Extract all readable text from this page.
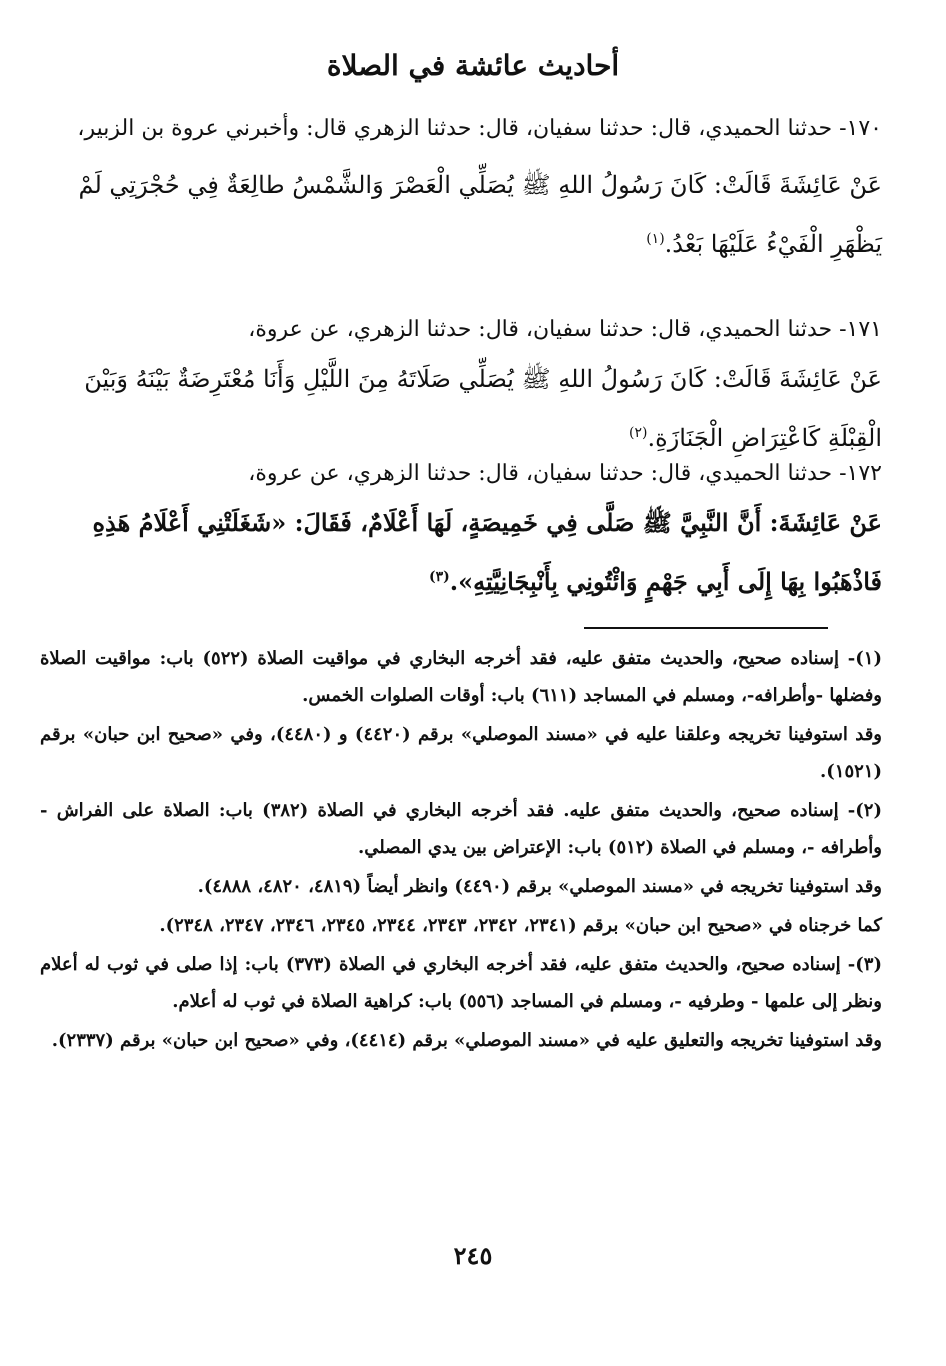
أحاديث عائشة في الصلاة

١٧٠- حدثنا الحميدي، قال: حدثنا سفيان، قال: حدثنا الزهري قال: وأخبرني عروة بن الزبير،

عَنْ عَائِشَةَ قَالَتْ: كَانَ رَسُولُ اللهِ ﷺ يُصَلِّي الْعَصْرَ وَالشَّمْسُ طالِعَةٌ فِي حُجْرَتِي لَمْ يَظْهَرِ الْفَيْءُ عَلَيْهَا بَعْدُ.$^{(١)}$

١٧١- حدثنا الحميدي، قال: حدثنا سفيان، قال: حدثنا الزهري، عن عروة،

عَنْ عَائِشَةَ قَالَتْ: كَانَ رَسُولُ اللهِ ﷺ يُصَلِّي صَلَاتَهُ مِنَ اللَّيْلِ وَأَنَا مُعْتَرِضَةٌ بَيْنَهُ وَبَيْنَ الْقِبْلَةِ كَاعْتِرَاضِ الْجَنَازَةِ.$^{(٢)}$

١٧٢- حدثنا الحميدي، قال: حدثنا سفيان، قال: حدثنا الزهري، عن عروة،

عَنْ عَائِشَةَ: أَنَّ النَّبِيَّ ﷺ صَلَّى فِي خَمِيصَةٍ، لَهَا أَعْلَامٌ، فَقَالَ: «شَغَلَتْنِي أَعْلَامُ هَذِهِ فَاذْهَبُوا بِهَا إِلَى أَبِي جَهْمٍ وَائْتُونِي بِأَنْبِجَانِيَّتِهِ».$^{(٣)}$

(١)- إسناده صحيح، والحديث متفق عليه، فقد أخرجه البخاري في مواقيت الصلاة (٥٢٢) باب: مواقيت الصلاة وفضلها -وأطرافه-، ومسلم في المساجد (٦١١) باب: أوقات الصلوات الخمس.

وقد استوفينا تخريجه وعلقنا عليه في «مسند الموصلي» برقم (٤٤٢٠) و (٤٤٨٠)، وفي «صحيح ابن حبان» برقم (١٥٢١).

(٢)- إسناده صحيح، والحديث متفق عليه. فقد أخرجه البخاري في الصلاة (٣٨٢) باب: الصلاة على الفراش - وأطرافه -، ومسلم في الصلاة (٥١٢) باب: الإعتراض بين يدي المصلي.

وقد استوفينا تخريجه في «مسند الموصلي» برقم (٤٤٩٠) وانظر أيضاً (٤٨١٩، ٤٨٢٠، ٤٨٨٨).

كما خرجناه في «صحيح ابن حبان» برقم (٢٣٤١، ٢٣٤٢، ٢٣٤٣، ٢٣٤٤، ٢٣٤٥، ٢٣٤٦، ٢٣٤٧، ٢٣٤٨).

(٣)- إسناده صحيح، والحديث متفق عليه، فقد أخرجه البخاري في الصلاة (٣٧٣) باب: إذا صلى في ثوب له أعلام ونظر إلى علمها - وطرفيه -، ومسلم في المساجد (٥٥٦) باب: كراهية الصلاة في ثوب له أعلام.

وقد استوفينا تخريجه والتعليق عليه في «مسند الموصلي» برقم (٤٤١٤)، وفي «صحيح ابن حبان» برقم (٢٣٣٧).

٢٤٥
